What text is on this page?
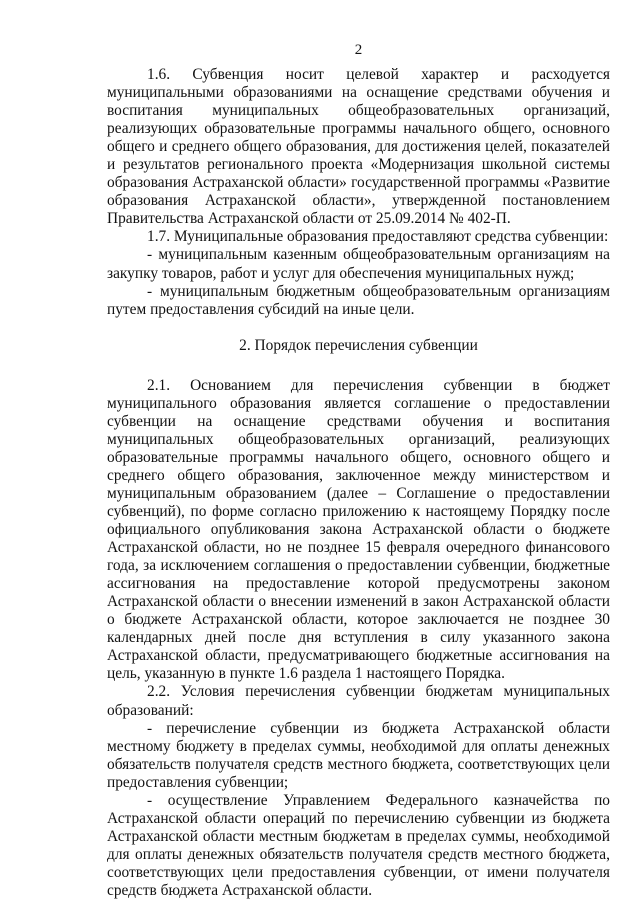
2

1.6. Субвенция носит целевой характер и расходуется муниципальными образованиями на оснащение средствами обучения и воспитания муниципальных общеобразовательных организаций, реализующих образовательные программы начального общего, основного общего и среднего общего образования, для достижения целей, показателей и результатов регионального проекта «Модернизация школьной системы образования Астраханской области» государственной программы «Развитие образования Астраханской области», утвержденной постановлением Правительства Астраханской области от 25.09.2014 № 402-П.

1.7. Муниципальные образования предоставляют средства субвенции:

- муниципальным казенным общеобразовательным организациям на закупку товаров, работ и услуг для обеспечения муниципальных нужд;

- муниципальным бюджетным общеобразовательным организациям путем предоставления субсидий на иные цели.

2. Порядок перечисления субвенции

2.1. Основанием для перечисления субвенции в бюджет муниципального образования является соглашение о предоставлении субвенции на оснащение средствами обучения и воспитания муниципальных общеобразовательных организаций, реализующих образовательные программы начального общего, основного общего и среднего общего образования, заключенное между министерством и муниципальным образованием (далее – Соглашение о предоставлении субвенций), по форме согласно приложению к настоящему Порядку после официального опубликования закона Астраханской области о бюджете Астраханской области, но не позднее 15 февраля очередного финансового года, за исключением соглашения о предоставлении субвенции, бюджетные ассигнования на предоставление которой предусмотрены законом Астраханской области о внесении изменений в закон Астраханской области о бюджете Астраханской области, которое заключается не позднее 30 календарных дней после дня вступления в силу указанного закона Астраханской области, предусматривающего бюджетные ассигнования на цель, указанную в пункте 1.6 раздела 1 настоящего Порядка.

2.2. Условия перечисления субвенции бюджетам муниципальных образований:

- перечисление субвенции из бюджета Астраханской области местному бюджету в пределах суммы, необходимой для оплаты денежных обязательств получателя средств местного бюджета, соответствующих цели предоставления субвенции;

- осуществление Управлением Федерального казначейства по Астраханской области операций по перечислению субвенции из бюджета Астраханской области местным бюджетам в пределах суммы, необходимой для оплаты денежных обязательств получателя средств местного бюджета, соответствующих цели предоставления субвенции, от имени получателя средств бюджета Астраханской области.
